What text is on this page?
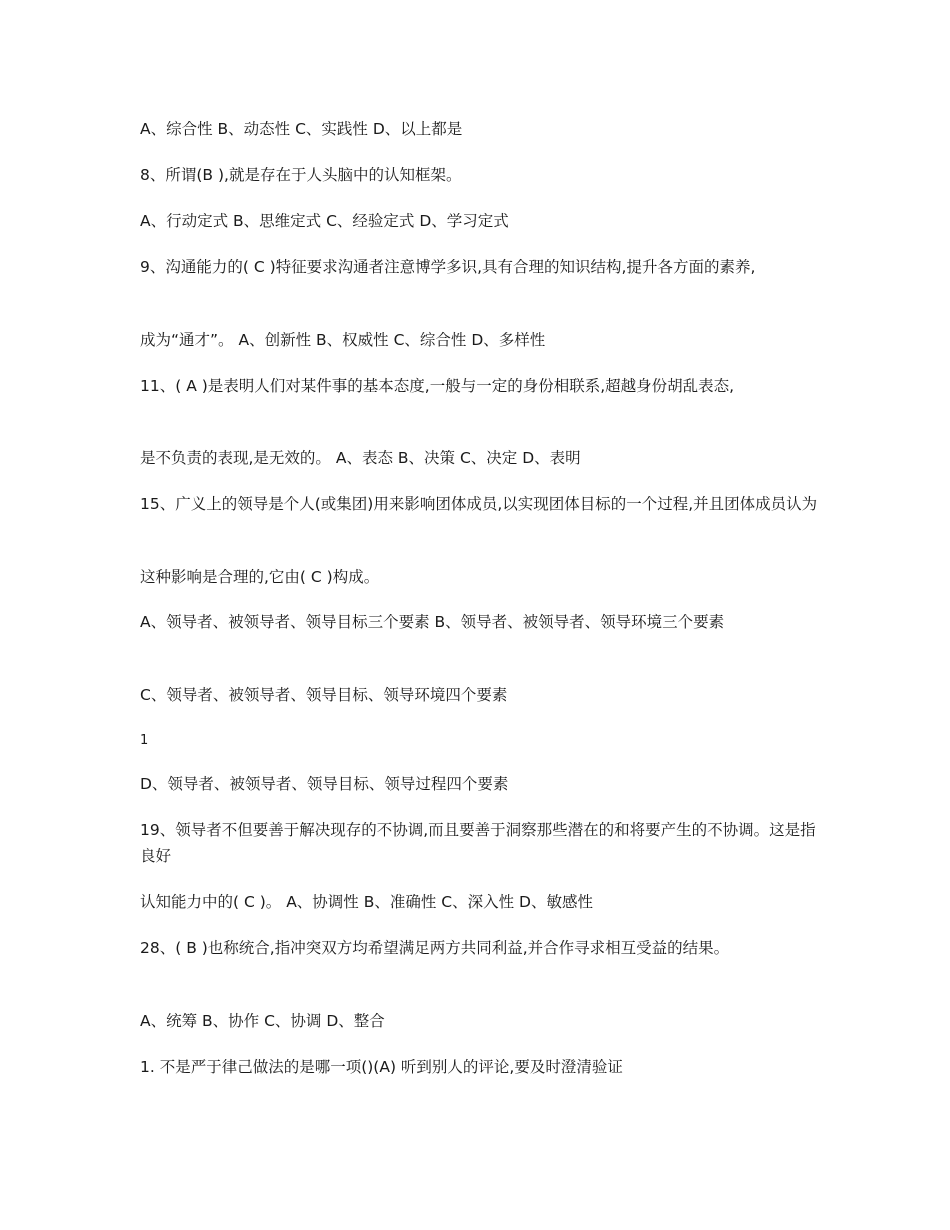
A、综合性 B、动态性 C、实践性 D、以上都是
8、所谓(B ),就是存在于人头脑中的认知框架。
A、行动定式 B、思维定式 C、经验定式 D、学习定式
9、沟通能力的( C )特征要求沟通者注意博学多识,具有合理的知识结构,提升各方面的素养,
成为“通才”。 A、创新性 B、权威性 C、综合性 D、多样性
11、( A )是表明人们对某件事的基本态度,一般与一定的身份相联系,超越身份胡乱表态,
是不负责的表现,是无效的。 A、表态 B、决策 C、决定 D、表明
15、广义上的领导是个人(或集团)用来影响团体成员,以实现团体目标的一个过程,并且团体成员认为
这种影响是合理的,它由( C )构成。
A、领导者、被领导者、领导目标三个要素 B、领导者、被领导者、领导环境三个要素
C、领导者、被领导者、领导目标、领导环境四个要素
1
D、领导者、被领导者、领导目标、领导过程四个要素
19、领导者不但要善于解决现存的不协调,而且要善于洞察那些潜在的和将要产生的不协调。这是指良好
认知能力中的( C )。 A、协调性 B、准确性 C、深入性 D、敏感性
28、( B )也称统合,指冲突双方均希望满足两方共同利益,并合作寻求相互受益的结果。
A、统筹 B、协作 C、协调 D、整合
1. 不是严于律己做法的是哪一项()(A) 听到别人的评论,要及时澄清验证
